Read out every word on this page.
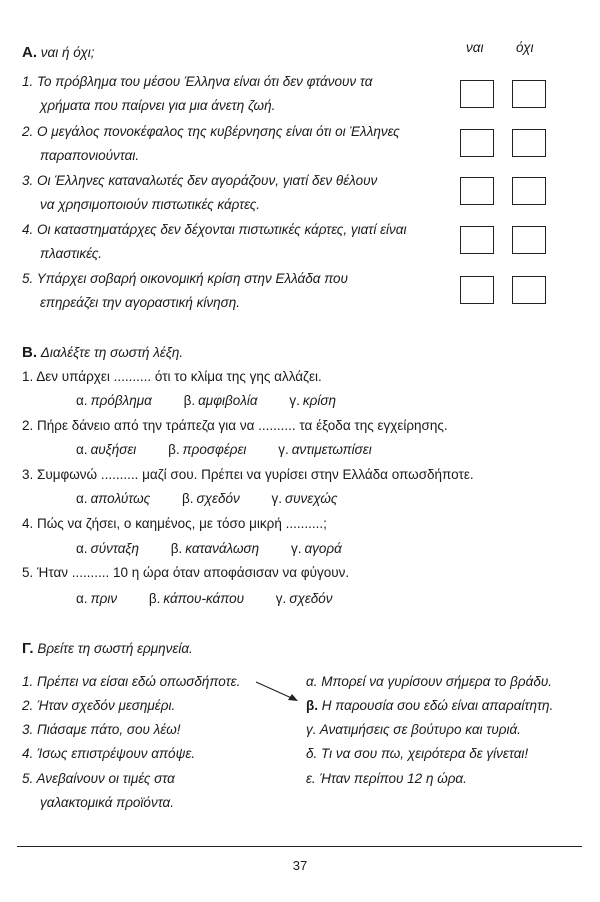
Α. ναι ή όχι;	ναι όχι
1. Το πρόβλημα του μέσου Έλληνα είναι ότι δεν φτάνουν τα
χρήματα που παίρνει για μια άνετη ζωή.
2. Ο μεγάλος πονοκέφαλος της κυβέρνησης είναι ότι οι Έλληνες
παραπονιούνται.
3. Οι Έλληνες καταναλωτές δεν αγοράζουν, γιατί δεν θέλουν
να χρησιμοποιούν πιστωτικές κάρτες.
4. Οι καταστηματάρχες δεν δέχονται πιστωτικές κάρτες, γιατί είναι
πλαστικές.
5. Υπάρχει σοβαρή οικονομική κρίση στην Ελλάδα που
επηρεάζει την αγοραστική κίνηση.
Β. Διαλέξτε τη σωστή λέξη.
1. Δεν υπάρχει .......... ότι το κλίμα της γης αλλάζει.
α. πρόβλημα β. αμφιβολία γ. κρίση
2. Πήρε δάνειο από την τράπεζα για να .......... τα έξοδα της εγχείρησης.
α. αυξήσει β. προσφέρει γ. αντιμετωπίσει
3. Συμφωνώ .......... μαζί σου. Πρέπει να γυρίσει στην Ελλάδα οπωσδήποτε.
α. απολύτως β. σχεδόν γ. συνεχώς
4. Πώς να ζήσει, ο καημένος, με τόσο μικρή ..........;
α. σύνταξη β. κατανάλωση γ. αγορά
5. Ήταν .......... 10 η ώρα όταν αποφάσισαν να φύγουν.
α. πριν β. κάπου-κάπου γ. σχεδόν
Γ. Βρείτε τη σωστή ερμηνεία.
1. Πρέπει να είσαι εδώ οπωσδήποτε.
2. Ήταν σχεδόν μεσημέρι.
3. Πιάσαμε πάτο, σου λέω!
4. Ίσως επιστρέψουν απόψε.
5. Ανεβαίνουν οι τιμές στα
γαλακτομικά προϊόντα.
α. Μπορεί να γυρίσουν σήμερα το βράδυ.
β. Η παρουσία σου εδώ είναι απαραίτητη.
γ. Ανατιμήσεις σε βούτυρο και τυριά.
δ. Τι να σου πω, χειρότερα δε γίνεται!
ε. Ήταν περίπου 12 η ώρα.
37
